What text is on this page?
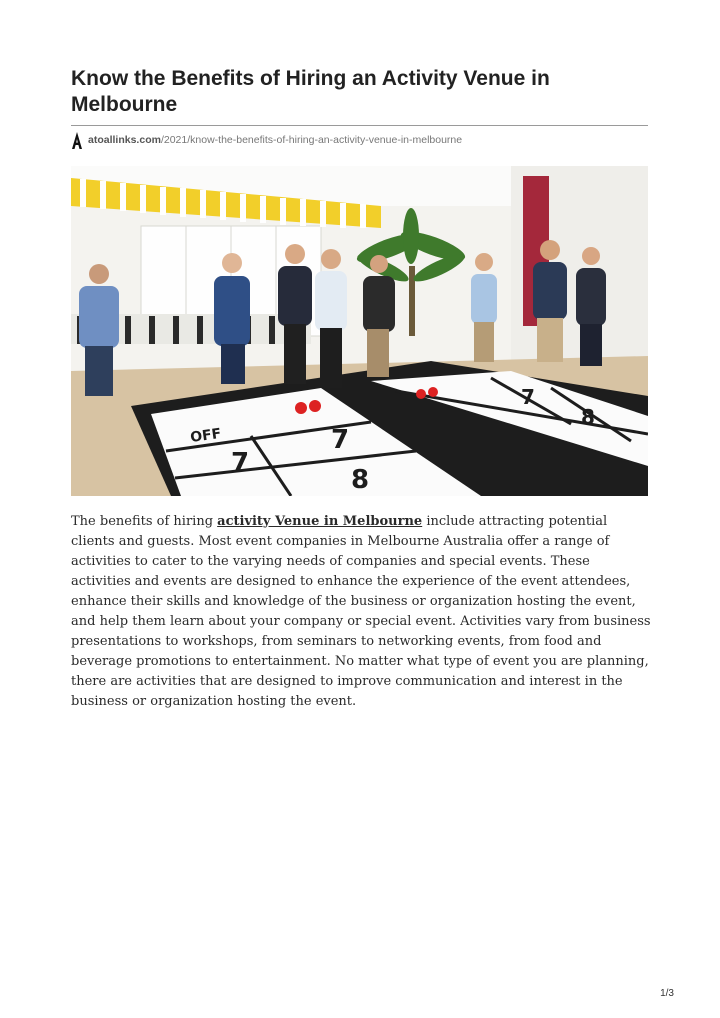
Know the Benefits of Hiring an Activity Venue in Melbourne
atoallinks.com /2021/know-the-benefits-of-hiring-an-activity-venue-in-melbourne
7
7
8
OFF
7
8
The benefits of hiring activity Venue in Melbourne include attracting potential clients and guests. Most event companies in Melbourne Australia offer a range of activities to cater to the varying needs of companies and special events. These activities and events are designed to enhance the experience of the event attendees, enhance their skills and knowledge of the business or organization hosting the event, and help them learn about your company or special event. Activities vary from business presentations to workshops, from seminars to networking events, from food and beverage promotions to entertainment. No matter what type of event you are planning, there are activities that are designed to improve communication and interest in the business or organization hosting the event.
1/3
